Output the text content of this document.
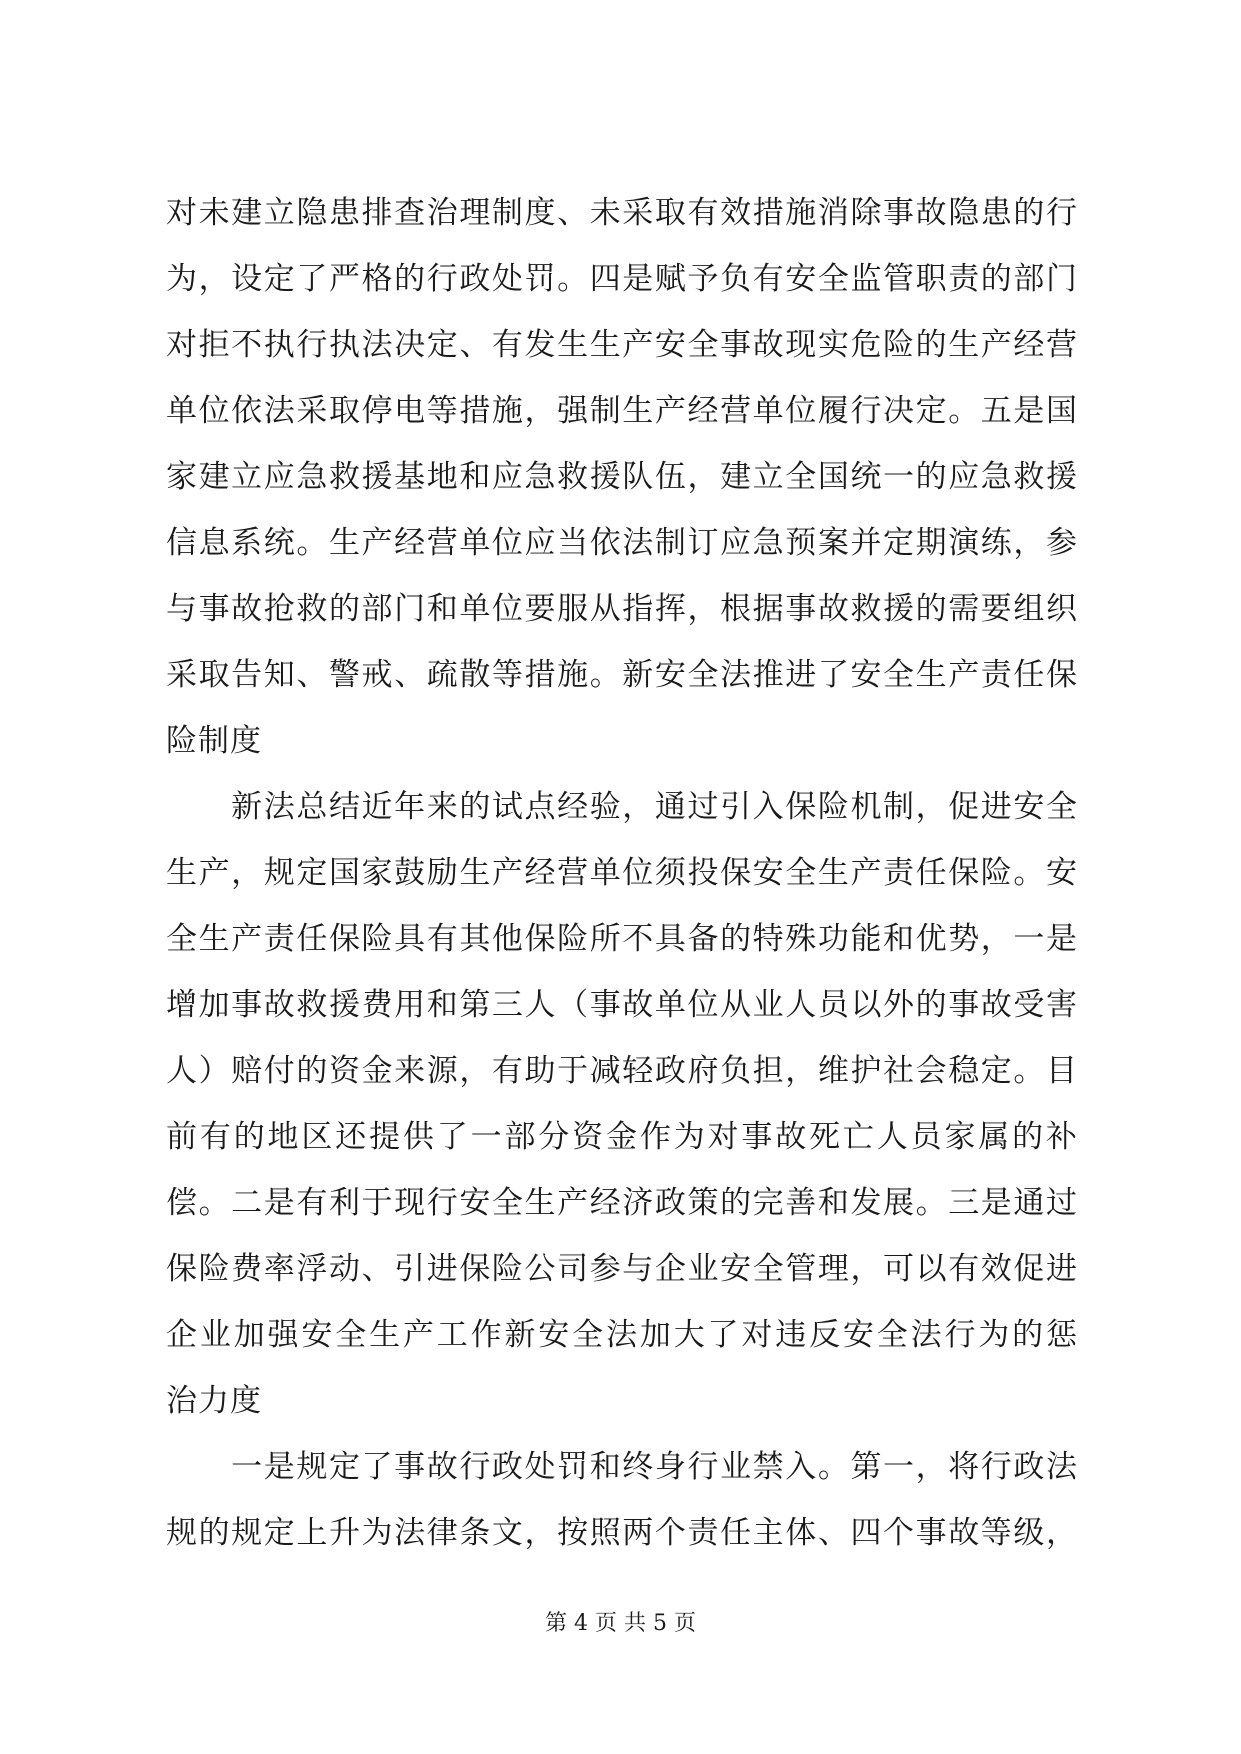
对未建立隐患排查治理制度、未采取有效措施消除事故隐患的行
为，设定了严格的行政处罚。四是赋予负有安全监管职责的部门
对拒不执行执法决定、有发生生产安全事故现实危险的生产经营
单位依法采取停电等措施，强制生产经营单位履行决定。五是国
家建立应急救援基地和应急救援队伍，建立全国统一的应急救援
信息系统。生产经营单位应当依法制订应急预案并定期演练，参
与事故抢救的部门和单位要服从指挥，根据事故救援的需要组织
采取告知、警戒、疏散等措施。新安全法推进了安全生产责任保
险制度
　　新法总结近年来的试点经验，通过引入保险机制，促进安全
生产，规定国家鼓励生产经营单位须投保安全生产责任保险。安
全生产责任保险具有其他保险所不具备的特殊功能和优势，一是
增加事故救援费用和第三人（事故单位从业人员以外的事故受害
人）赔付的资金来源，有助于减轻政府负担，维护社会稳定。目
前有的地区还提供了一部分资金作为对事故死亡人员家属的补
偿。二是有利于现行安全生产经济政策的完善和发展。三是通过
保险费率浮动、引进保险公司参与企业安全管理，可以有效促进
企业加强安全生产工作新安全法加大了对违反安全法行为的惩
治力度
　　一是规定了事故行政处罚和终身行业禁入。第一，将行政法
规的规定上升为法律条文，按照两个责任主体、四个事故等级，
第 4 页 共 5 页
